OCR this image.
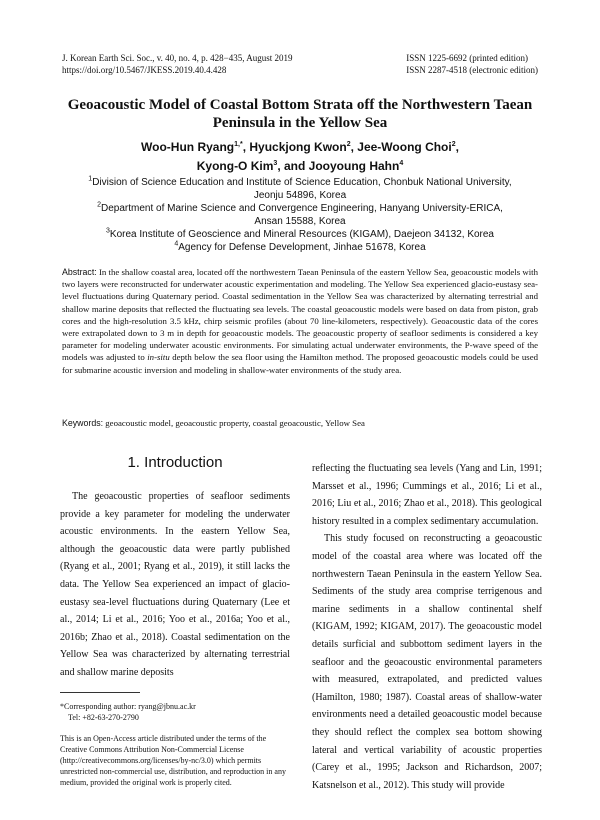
J. Korean Earth Sci. Soc., v. 40, no. 4, p. 428−435, August 2019
https://doi.org/10.5467/JKESS.2019.40.4.428
ISSN 1225-6692 (printed edition)
ISSN 2287-4518 (electronic edition)
Geoacoustic Model of Coastal Bottom Strata off the Northwestern Taean Peninsula in the Yellow Sea
Woo-Hun Ryang$^{1,*}$, Hyuckjong Kwon$^2$, Jee-Woong Choi$^2$,
Kyong-O Kim$^3$, and Jooyoung Hahn$^4$
$^1$Division of Science Education and Institute of Science Education, Chonbuk National University,
Jeonju 54896, Korea
$^2$Department of Marine Science and Convergence Engineering, Hanyang University-ERICA,
Ansan 15588, Korea
$^3$Korea Institute of Geoscience and Mineral Resources (KIGAM), Daejeon 34132, Korea
$^4$Agency for Defense Development, Jinhae 51678, Korea
Abstract: In the shallow coastal area, located off the northwestern Taean Peninsula of the eastern Yellow Sea, geoacoustic models with two layers were reconstructed for underwater acoustic experimentation and modeling. The Yellow Sea experienced glacio-eustasy sea-level fluctuations during Quaternary period. Coastal sedimentation in the Yellow Sea was characterized by alternating terrestrial and shallow marine deposits that reflected the fluctuating sea levels. The coastal geoacoustic models were based on data from piston, grab cores and the high-resolution 3.5 kHz, chirp seismic profiles (about 70 line-kilometers, respectively). Geoacoustic data of the cores were extrapolated down to 3 m in depth for geoacoustic models. The geoacoustic property of seafloor sediments is considered a key parameter for modeling underwater acoustic environments. For simulating actual underwater environments, the P-wave speed of the models was adjusted to in-situ depth below the sea floor using the Hamilton method. The proposed geoacoustic models could be used for submarine acoustic inversion and modeling in shallow-water environments of the study area.
Keywords: geoacoustic model, geoacoustic property, coastal geoacoustic, Yellow Sea
1. Introduction

The geoacoustic properties of seafloor sediments provide a key parameter for modeling the underwater acoustic environments. In the eastern Yellow Sea, although the geoacoustic data were partly published (Ryang et al., 2001; Ryang et al., 2019), it still lacks the data. The Yellow Sea experienced an impact of glacio-eustasy sea-level fluctuations during Quaternary (Lee et al., 2014; Li et al., 2016; Yoo et al., 2016a; Yoo et al., 2016b; Zhao et al., 2018). Coastal sedimentation on the Yellow Sea was characterized by alternating terrestrial and shallow marine deposits

*Corresponding author: ryang@jbnu.ac.kr
Tel: +82-63-270-2790
This is an Open-Access article distributed under the terms of the Creative Commons Attribution Non-Commercial License (http://creativecommons.org/licenses/by-nc/3.0) which permits unrestricted non-commercial use, distribution, and reproduction in any medium, provided the original work is properly cited.

reflecting the fluctuating sea levels (Yang and Lin, 1991; Marsset et al., 1996; Cummings et al., 2016; Li et al., 2016; Liu et al., 2016; Zhao et al., 2018). This geological history resulted in a complex sedimentary accumulation.

This study focused on reconstructing a geoacoustic model of the coastal area where was located off the northwestern Taean Peninsula in the eastern Yellow Sea. Sediments of the study area comprise terrigenous and marine sediments in a shallow continental shelf (KIGAM, 1992; KIGAM, 2017). The geoacoustic model details surficial and subbottom sediment layers in the seafloor and the geoacoustic environmental parameters with measured, extrapolated, and predicted values (Hamilton, 1980; 1987). Coastal areas of shallow-water environments need a detailed geoacoustic model because they should reflect the complex sea bottom showing lateral and vertical variability of acoustic properties (Carey et al., 1995; Jackson and Richardson, 2007; Katsnelson et al., 2012). This study will provide
